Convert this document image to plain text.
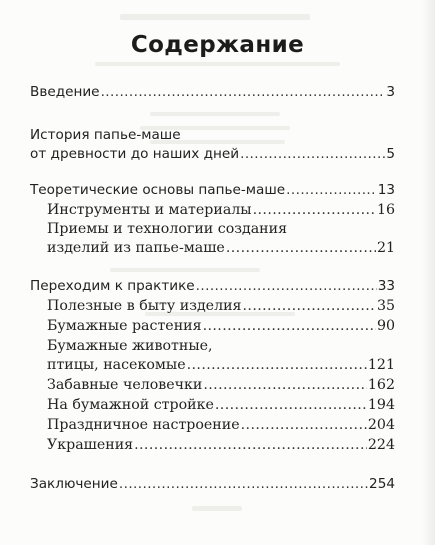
Содержание
Введение .....	3
История папье-маше
от древности до наших дней .....	5
Теоретические основы папье-маше .....	13
Инструменты и материалы .....	16
Приемы и технологии создания
изделий из папье-маше .....	21
Переходим к практике .....	33
Полезные в быту изделия .....	35
Бумажные растения .....	90
Бумажные животные,
птицы, насекомые .....	121
Забавные человечки .....	162
На бумажной стройке .....	194
Праздничное настроение .....	204
Украшения .....	224
Заключение .....	254
